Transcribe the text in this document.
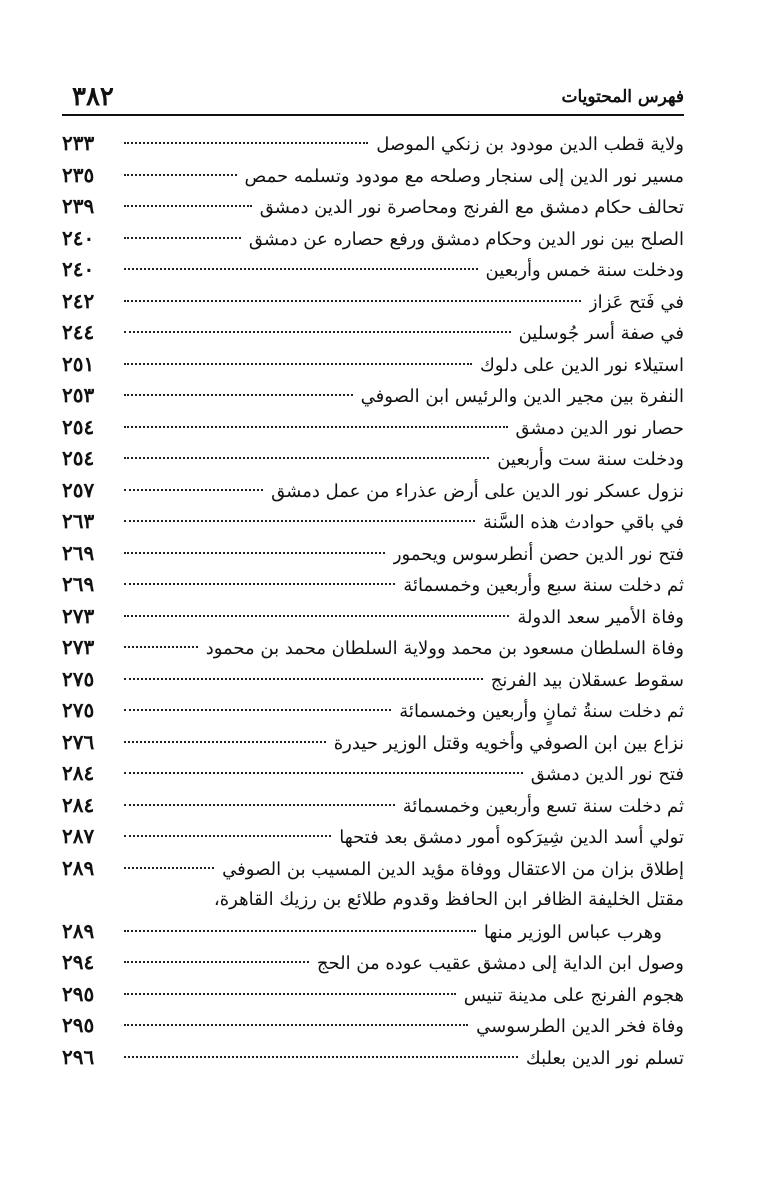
فهرس المحتويات
٣٨٢
ولاية قطب الدين مودود بن زنكي الموصل
٢٣٣
مسير نور الدين إلى سنجار وصلحه مع مودود وتسلمه حمص
٢٣٥
تحالف حكام دمشق مع الفرنج ومحاصرة نور الدين دمشق
٢٣٩
الصلح بين نور الدين وحكام دمشق ورفع حصاره عن دمشق
٢٤٠
ودخلت سنة خمس وأربعين
٢٤٠
في فَتح عَزاز
٢٤٢
في صفة أسر جُوسلين
٢٤٤
استيلاء نور الدين على دلوك
٢٥١
النفرة بين مجير الدين والرئيس ابن الصوفي
٢٥٣
حصار نور الدين دمشق
٢٥٤
ودخلت سنة ست وأربعين
٢٥٤
نزول عسكر نور الدين على أرض عذراء من عمل دمشق
٢٥٧
في باقي حوادث هذه السَّنة
٢٦٣
فتح نور الدين حصن أنطرسوس ويحمور
٢٦٩
ثم دخلت سنة سبع وأربعين وخمسمائة
٢٦٩
وفاة الأمير سعد الدولة
٢٧٣
وفاة السلطان مسعود بن محمد وولاية السلطان محمد بن محمود
٢٧٣
سقوط عسقلان بيد الفرنج
٢٧٥
ثم دخلت سنةُ ثمانٍ وأربعين وخمسمائة
٢٧٥
نزاع بين ابن الصوفي وأخويه وقتل الوزير حيدرة
٢٧٦
فتح نور الدين دمشق
٢٨٤
ثم دخلت سنة تسع وأربعين وخمسمائة
٢٨٤
تولي أسد الدين شِيرَكوه أمور دمشق بعد فتحها
٢٨٧
إطلاق بزان من الاعتقال ووفاة مؤيد الدين المسيب بن الصوفي
٢٨٩
مقتل الخليفة الظافر ابن الحافظ وقدوم طلائع بن رزيك القاهرة،
وهرب عباس الوزير منها
٢٨٩
وصول ابن الداية إلى دمشق عقيب عوده من الحج
٢٩٤
هجوم الفرنج على مدينة تنيس
٢٩٥
وفاة فخر الدين الطرسوسي
٢٩٥
تسلم نور الدين بعلبك
٢٩٦
